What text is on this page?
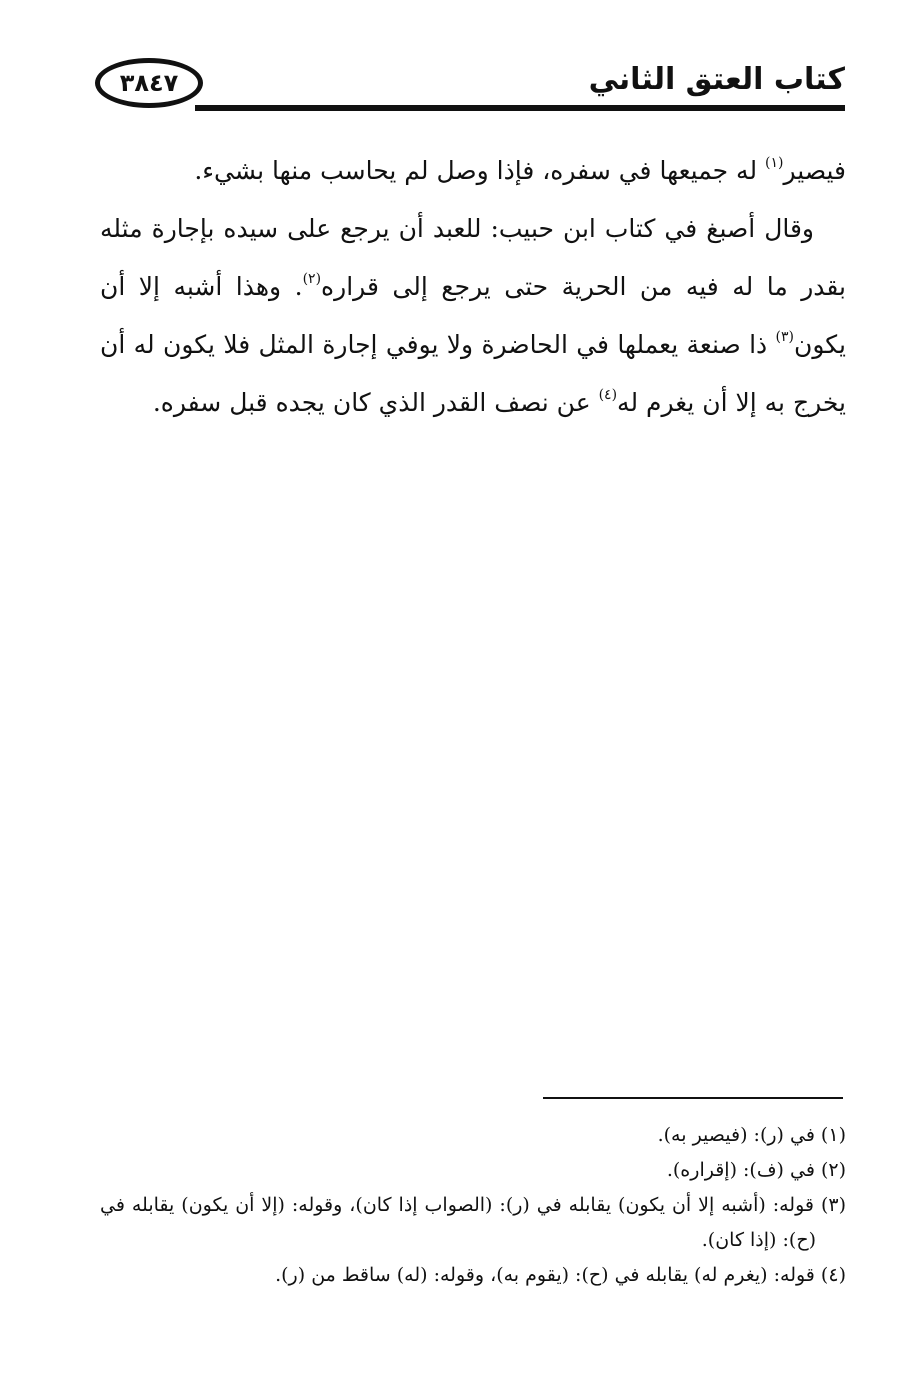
٣٨٤٧	كتاب العتق الثاني

فيصير$^{(١)}$ له جميعها في سفره، فإذا وصل لم يحاسب منها بشيء.

وقال أصبغ في كتاب ابن حبيب: للعبد أن يرجع على سيده بإجارة مثله بقدر ما له فيه من الحرية حتى يرجع إلى قراره$^{(٢)}$. وهذا أشبه إلا أن يكون$^{(٣)}$ ذا صنعة يعملها في الحاضرة ولا يوفي إجارة المثل فلا يكون له أن يخرج به إلا أن يغرم له$^{(٤)}$ عن نصف القدر الذي كان يجده قبل سفره.

(١) في (ر): (فيصير به).

(٢) في (ف): (إقراره).

(٣) قوله: (أشبه إلا أن يكون) يقابله في (ر): (الصواب إذا كان)، وقوله: (إلا أن يكون) يقابله في (ح): (إذا كان).

(٤) قوله: (يغرم له) يقابله في (ح): (يقوم به)، وقوله: (له) ساقط من (ر).
